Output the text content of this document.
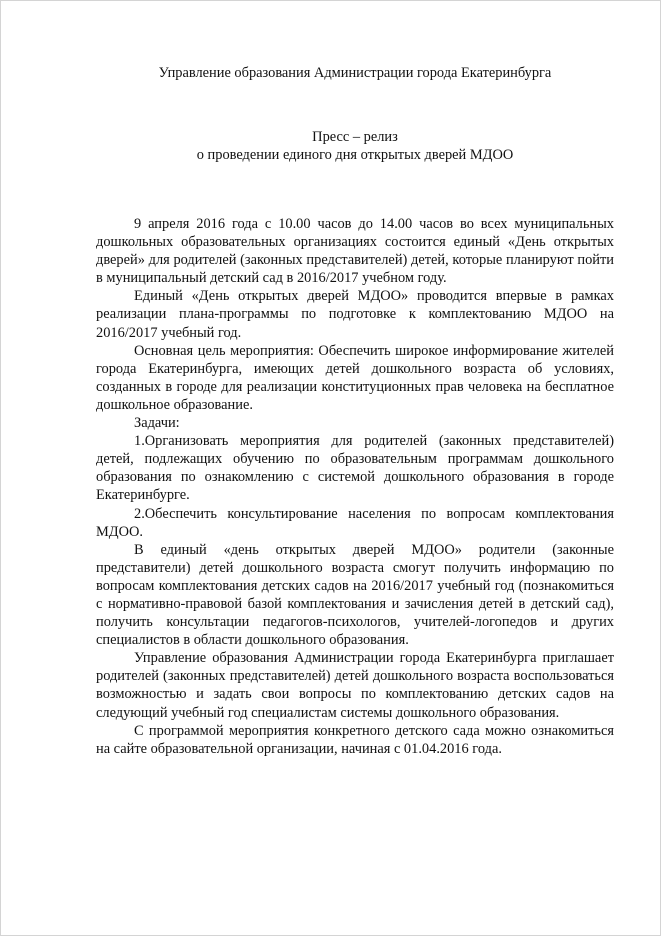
Управление образования Администрации города Екатеринбурга
Пресс – релиз
о проведении единого дня открытых дверей МДОО

9 апреля 2016 года с 10.00 часов до 14.00 часов во всех муниципальных дошкольных образовательных организациях состоится единый «День открытых дверей» для родителей (законных представителей) детей, которые планируют пойти в муниципальный детский сад в 2016/2017 учебном году.

Единый «День открытых дверей МДОО» проводится впервые в рамках реализации плана-программы по подготовке к комплектованию МДОО на 2016/2017 учебный год.

Основная цель мероприятия: Обеспечить широкое информирование жителей города Екатеринбурга, имеющих детей дошкольного возраста об условиях, созданных в городе для реализации конституционных прав человека на бесплатное дошкольное образование.

Задачи:

1.Организовать мероприятия для родителей (законных представителей) детей, подлежащих обучению по образовательным программам дошкольного образования по ознакомлению с системой дошкольного образования в городе Екатеринбурге.

2.Обеспечить консультирование населения по вопросам комплектования МДОО.

В единый «день открытых дверей МДОО» родители (законные представители) детей дошкольного возраста смогут получить информацию по вопросам комплектования детских садов на 2016/2017 учебный год (познакомиться с нормативно-правовой базой комплектования и зачисления детей в детский сад), получить консультации педагогов-психологов, учителей-логопедов и других специалистов в области дошкольного образования.

Управление образования Администрации города Екатеринбурга приглашает родителей (законных представителей) детей дошкольного возраста воспользоваться возможностью и задать свои вопросы по комплектованию детских садов на следующий учебный год специалистам системы дошкольного образования.

С программой мероприятия конкретного детского сада можно ознакомиться на сайте образовательной организации, начиная с 01.04.2016 года.
